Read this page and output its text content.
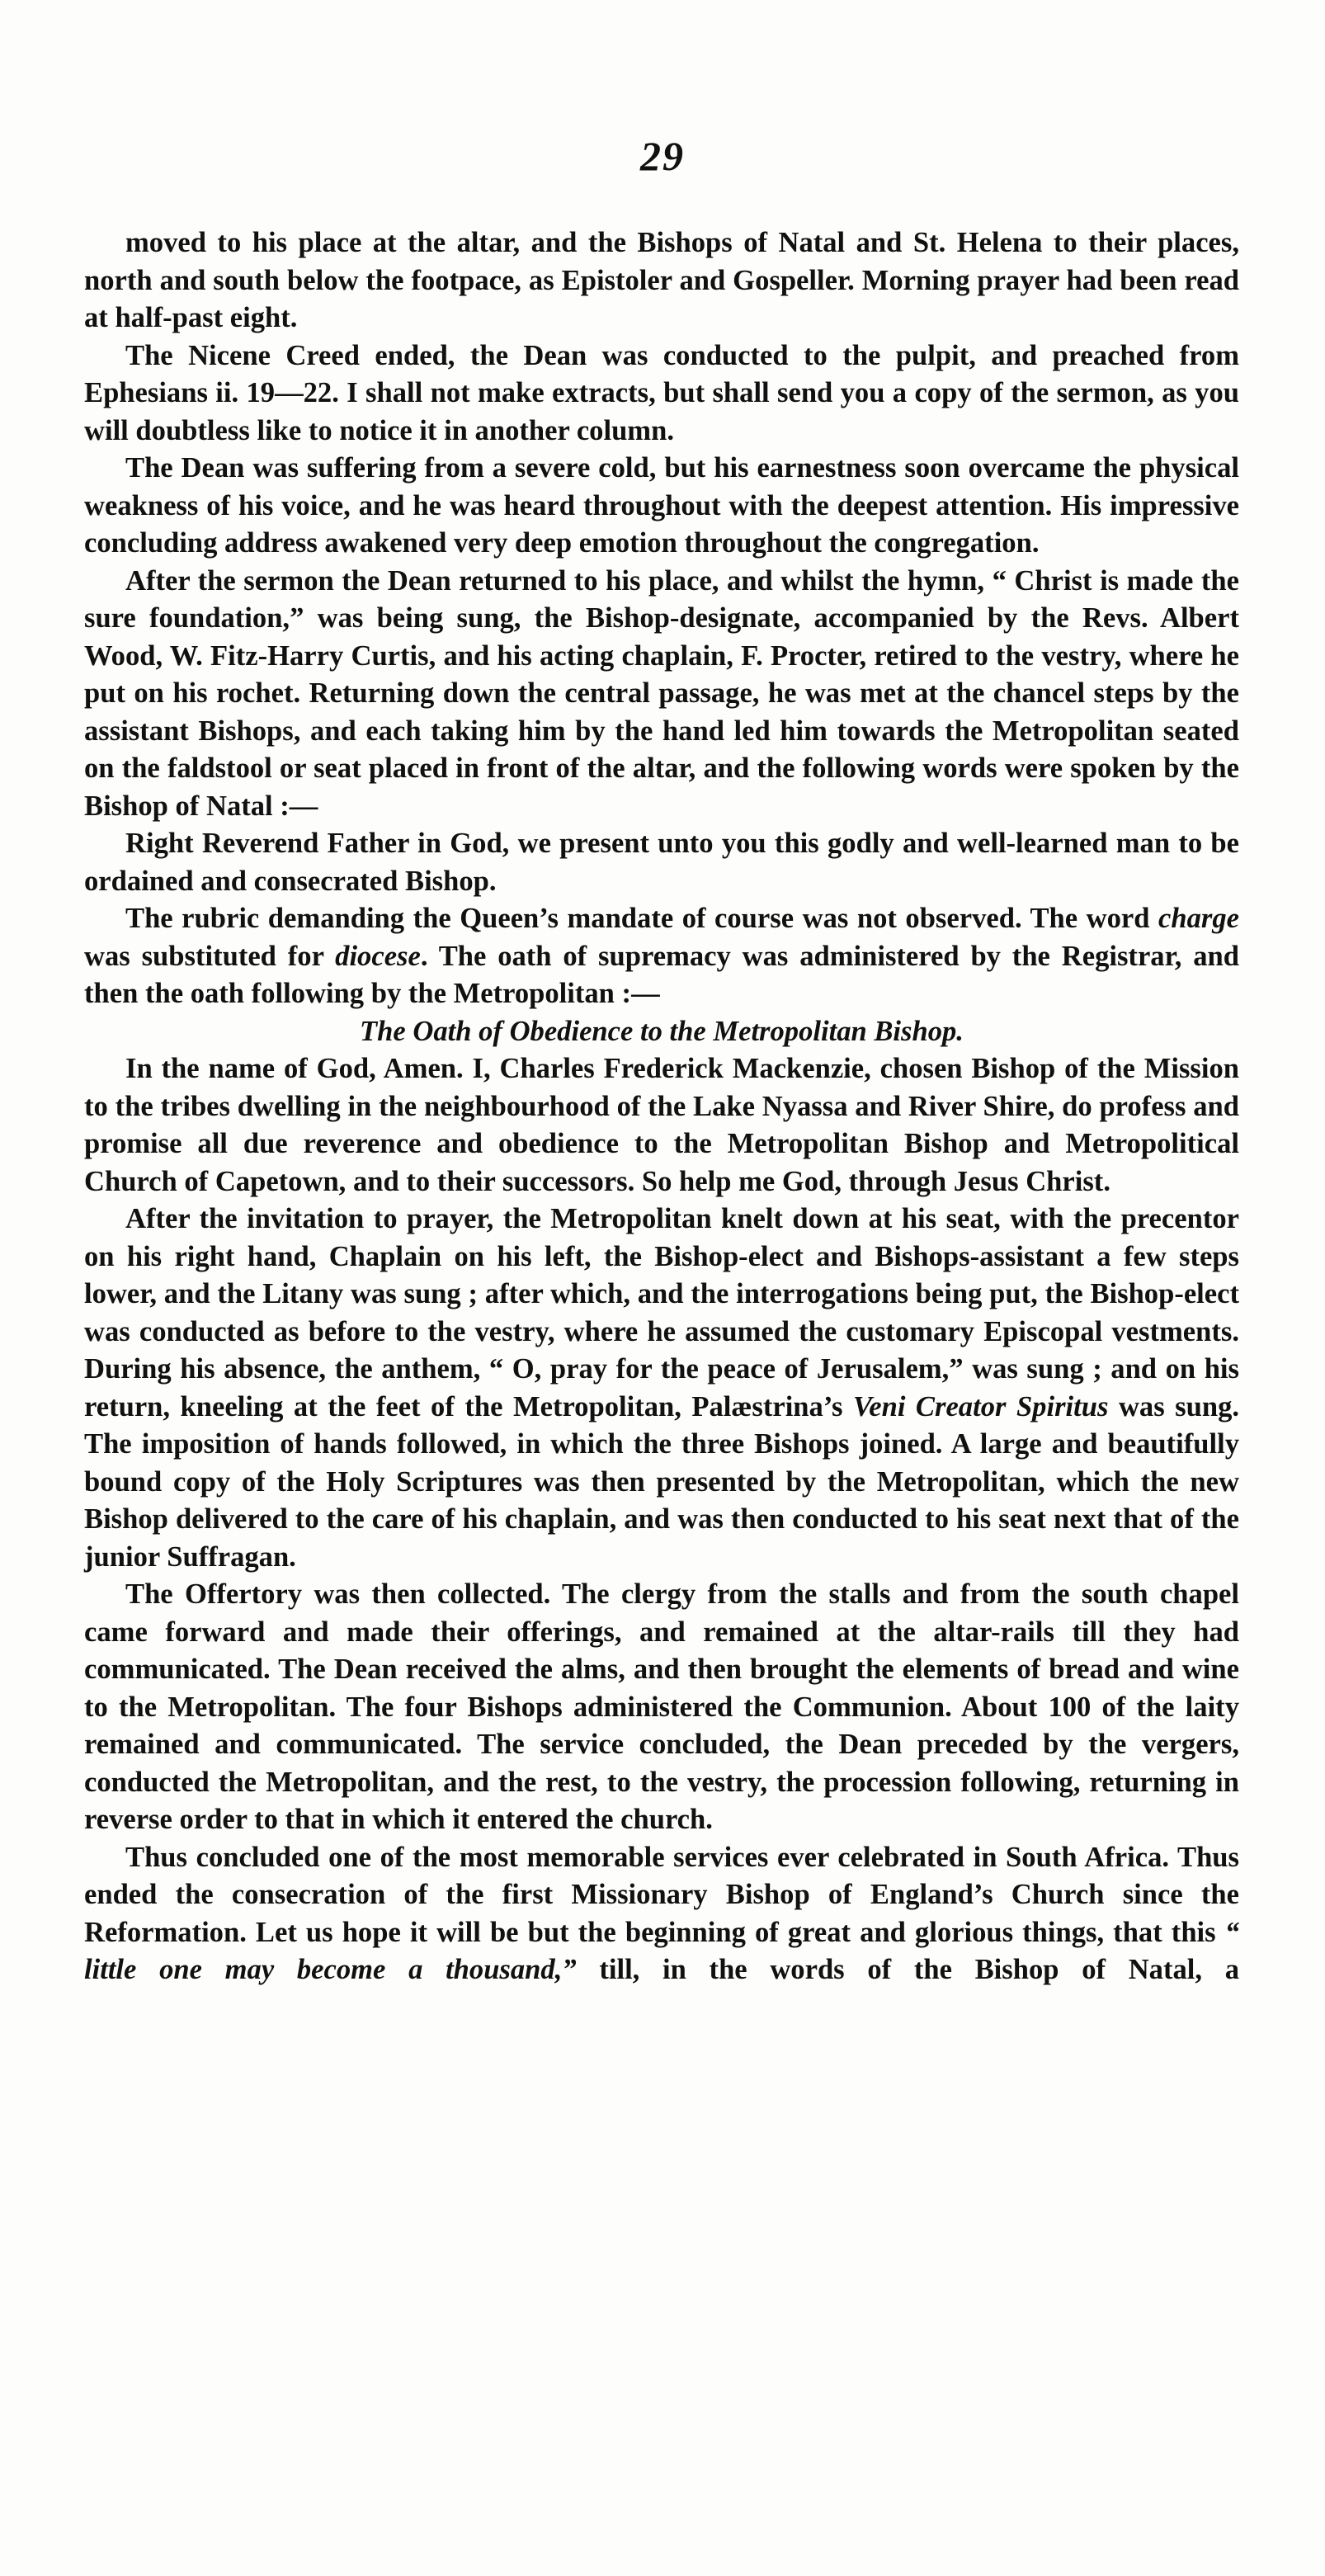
29

moved to his place at the altar, and the Bishops of Natal and St. Helena to their places, north and south below the footpace, as Epistoler and Gospeller. Morning prayer had been read at half-past eight.

The Nicene Creed ended, the Dean was conducted to the pulpit, and preached from Ephesians ii. 19—22. I shall not make extracts, but shall send you a copy of the sermon, as you will doubtless like to notice it in another column.

The Dean was suffering from a severe cold, but his earnestness soon overcame the physical weakness of his voice, and he was heard throughout with the deepest attention. His impressive concluding address awakened very deep emotion throughout the congregation.

After the sermon the Dean returned to his place, and whilst the hymn, “ Christ is made the sure foundation,” was being sung, the Bishop-designate, accompanied by the Revs. Albert Wood, W. Fitz-Harry Curtis, and his acting chaplain, F. Procter, retired to the vestry, where he put on his rochet. Returning down the central passage, he was met at the chancel steps by the assistant Bishops, and each taking him by the hand led him towards the Metropolitan seated on the faldstool or seat placed in front of the altar, and the following words were spoken by the Bishop of Natal :—

Right Reverend Father in God, we present unto you this godly and well-learned man to be ordained and consecrated Bishop.

The rubric demanding the Queen’s mandate of course was not observed. The word charge was substituted for diocese. The oath of supremacy was administered by the Registrar, and then the oath following by the Metropolitan :—

The Oath of Obedience to the Metropolitan Bishop.

In the name of God, Amen. I, Charles Frederick Mackenzie, chosen Bishop of the Mission to the tribes dwelling in the neighbourhood of the Lake Nyassa and River Shire, do profess and promise all due reverence and obedience to the Metropolitan Bishop and Metropolitical Church of Capetown, and to their successors. So help me God, through Jesus Christ.

After the invitation to prayer, the Metropolitan knelt down at his seat, with the precentor on his right hand, Chaplain on his left, the Bishop-elect and Bishops-assistant a few steps lower, and the Litany was sung ; after which, and the interrogations being put, the Bishop-elect was conducted as before to the vestry, where he assumed the customary Episcopal vestments. During his absence, the anthem, “ O, pray for the peace of Jerusalem,” was sung ; and on his return, kneeling at the feet of the Metropolitan, Palæstrina’s Veni Creator Spiritus was sung. The imposition of hands followed, in which the three Bishops joined. A large and beautifully bound copy of the Holy Scriptures was then presented by the Metropolitan, which the new Bishop delivered to the care of his chaplain, and was then conducted to his seat next that of the junior Suffragan.

The Offertory was then collected. The clergy from the stalls and from the south chapel came forward and made their offerings, and remained at the altar-rails till they had communicated. The Dean received the alms, and then brought the elements of bread and wine to the Metropolitan. The four Bishops administered the Communion. About 100 of the laity remained and communicated. The service concluded, the Dean preceded by the vergers, conducted the Metropolitan, and the rest, to the vestry, the procession following, returning in reverse order to that in which it entered the church.

Thus concluded one of the most memorable services ever celebrated in South Africa. Thus ended the consecration of the first Missionary Bishop of England’s Church since the Reformation. Let us hope it will be but the beginning of great and glorious things, that this “ little one may become a thousand,” till, in the words of the Bishop of Natal, a
